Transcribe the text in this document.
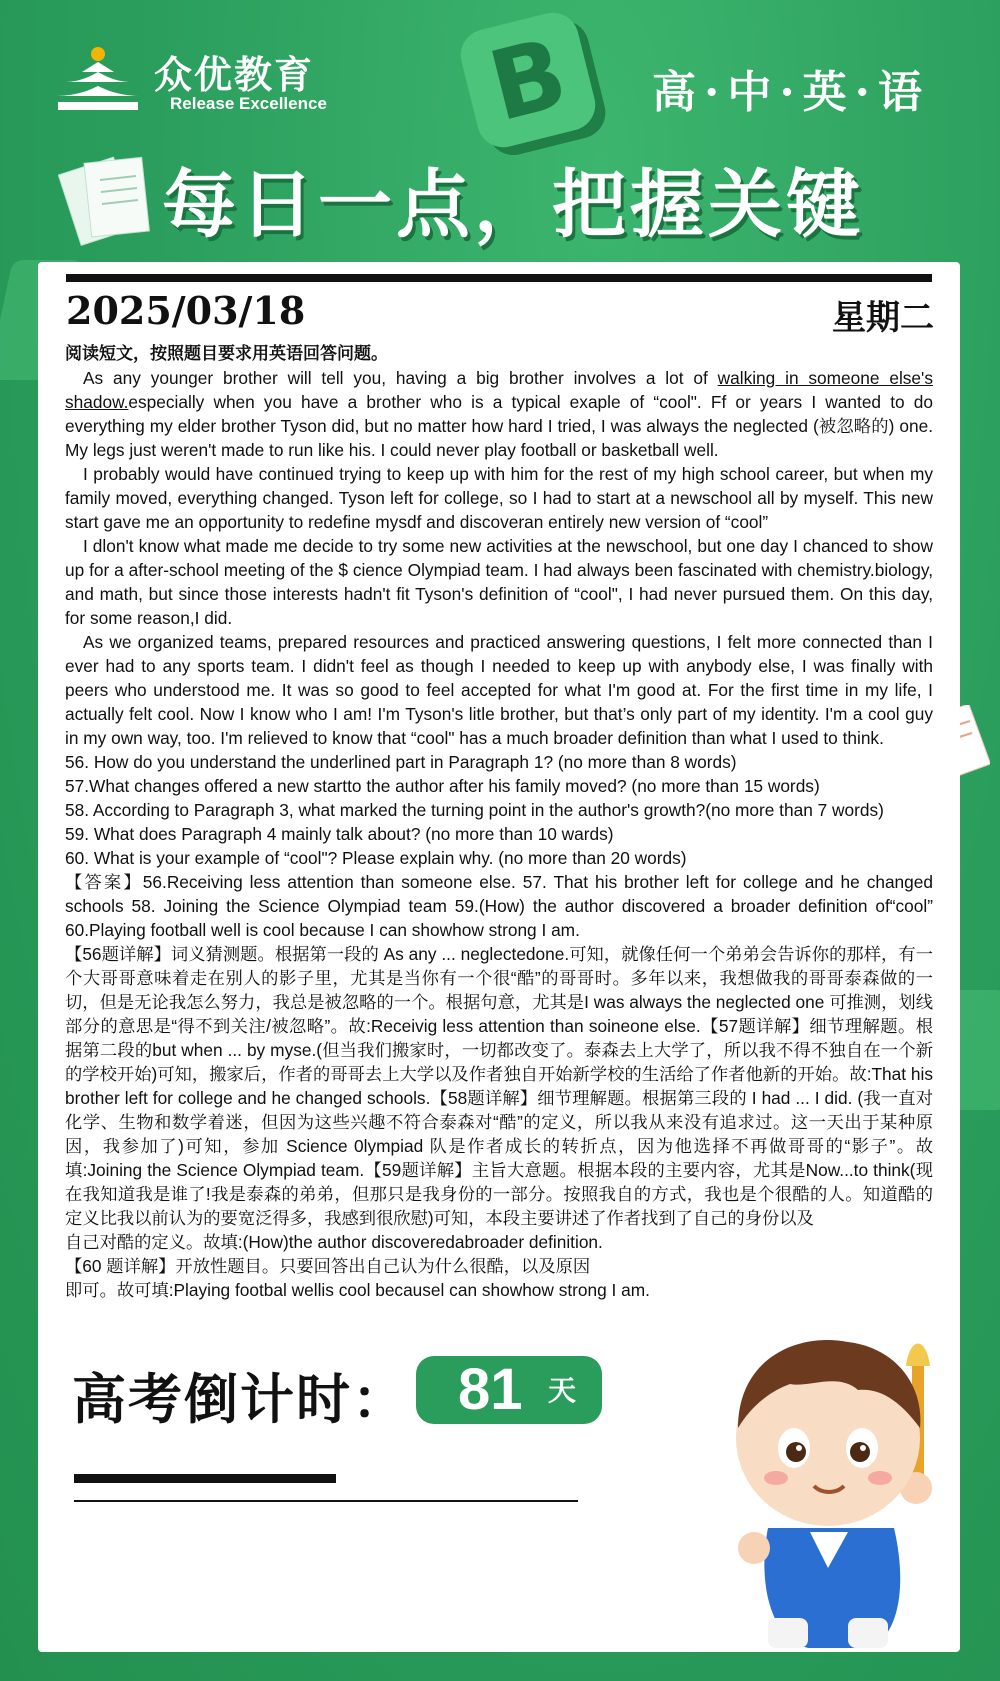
B
众优教育
Release Excellence	高·中·英·语
每日一点，把握关键
2025/03/18	星期二

阅读短文，按照题目要求用英语回答问题。

As any younger brother will tell you, having a big brother involves a lot of walking in someone else's shadow.especially when you have a brother who is a typical exaple of “cool". Ff or years I wanted to do everything my elder brother Tyson did, but no matter how hard I tried, I was always the neglected (被忽略的) one. My legs just weren't made to run like his. I could never play football or basketball well.

I probably would have continued trying to keep up with him for the rest of my high school career, but when my family moved, everything changed. Tyson left for college, so I had to start at a newschool all by myself. This new start gave me an opportunity to redefine mysdf and discoveran entirely new version of “cool”

I dlon't know what made me decide to try some new activities at the newschool, but one day I chanced to show up for a after-school meeting of the $ cience Olympiad team. I had always been fascinated with chemistry.biology, and math, but since those interests hadn't fit Tyson's definition of “cool", I had never pursued them. On this day, for some reason,I did.

As we organized teams, prepared resources and practiced answering questions, I felt more connected than I ever had to any sports team. I didn't feel as though I needed to keep up with anybody else, I was finally with peers who understood me. It was so good to feel accepted for what I'm good at. For the first time in my life, I actually felt cool. Now I know who I am! I'm Tyson's litle brother, but that’s only part of my identity. I'm a cool guy in my own way, too. I'm relieved to know that “cool" has a much broader definition than what I used to think.

56. How do you understand the underlined part in Paragraph 1? (no more than 8 words)

57.What changes offered a new startto the author after his family moved? (no more than 15 words)

58. According to Paragraph 3, what marked the turning point in the author's growth?(no more than 7 words)

59. What does Paragraph 4 mainly talk about? (no more than 10 wards)

60. What is your example of “cool"? Please explain why. (no more than 20 words)

【答案】56.Receiving less attention than someone else. 57. That his brother left for college and he changed schools 58. Joining the Science Olympiad team 59.(How) the author discovered a broader definition of“cool” 60.Playing football well is cool because I can showhow strong I am.

【56题详解】词义猜测题。根据第一段的 As any ... neglectedone.可知，就像任何一个弟弟会告诉你的那样，有一个大哥哥意味着走在别人的影子里，尤其是当你有一个很“酷”的哥哥时。多年以来，我想做我的哥哥泰森做的一切，但是无论我怎么努力，我总是被忽略的一个。根据句意，尤其是I was always the neglected one 可推测，划线部分的意思是“得不到关注/被忽略”。故:Receivig less attention than soineone else.【57题详解】细节理解题。根据第二段的but when ... by myse.(但当我们搬家时，一切都改变了。泰森去上大学了，所以我不得不独自在一个新的学校开始)可知，搬家后，作者的哥哥去上大学以及作者独自开始新学校的生活给了作者他新的开始。故:That his brother left for college and he changed schools.【58题详解】细节理解题。根据第三段的 I had ... I did. (我一直对化学、生物和数学着迷，但因为这些兴趣不符合泰森对“酷”的定义，所以我从来没有追求过。这一天出于某种原因，我参加了)可知，参加 Science 0lympiad 队是作者成长的转折点，因为他选择不再做哥哥的“影子”。故填:Joining the Science Olympiad team.【59题详解】主旨大意题。根据本段的主要内容，尤其是Now...to think(现在我知道我是谁了!我是泰森的弟弟，但那只是我身份的一部分。按照我自的方式，我也是个很酷的人。知道酷的定义比我以前认为的要宽泛得多，我感到很欣慰)可知，本段主要讲述了作者找到了自己的身份以及

自己对酷的定义。故填:(How)the author discoveredabroader definition.

【60 题详解】开放性题目。只要回答出自己认为什么很酷，以及原因

即可。故可填:Playing footbal wellis cool becausel can showhow strong I am.

高考倒计时： 81 天
